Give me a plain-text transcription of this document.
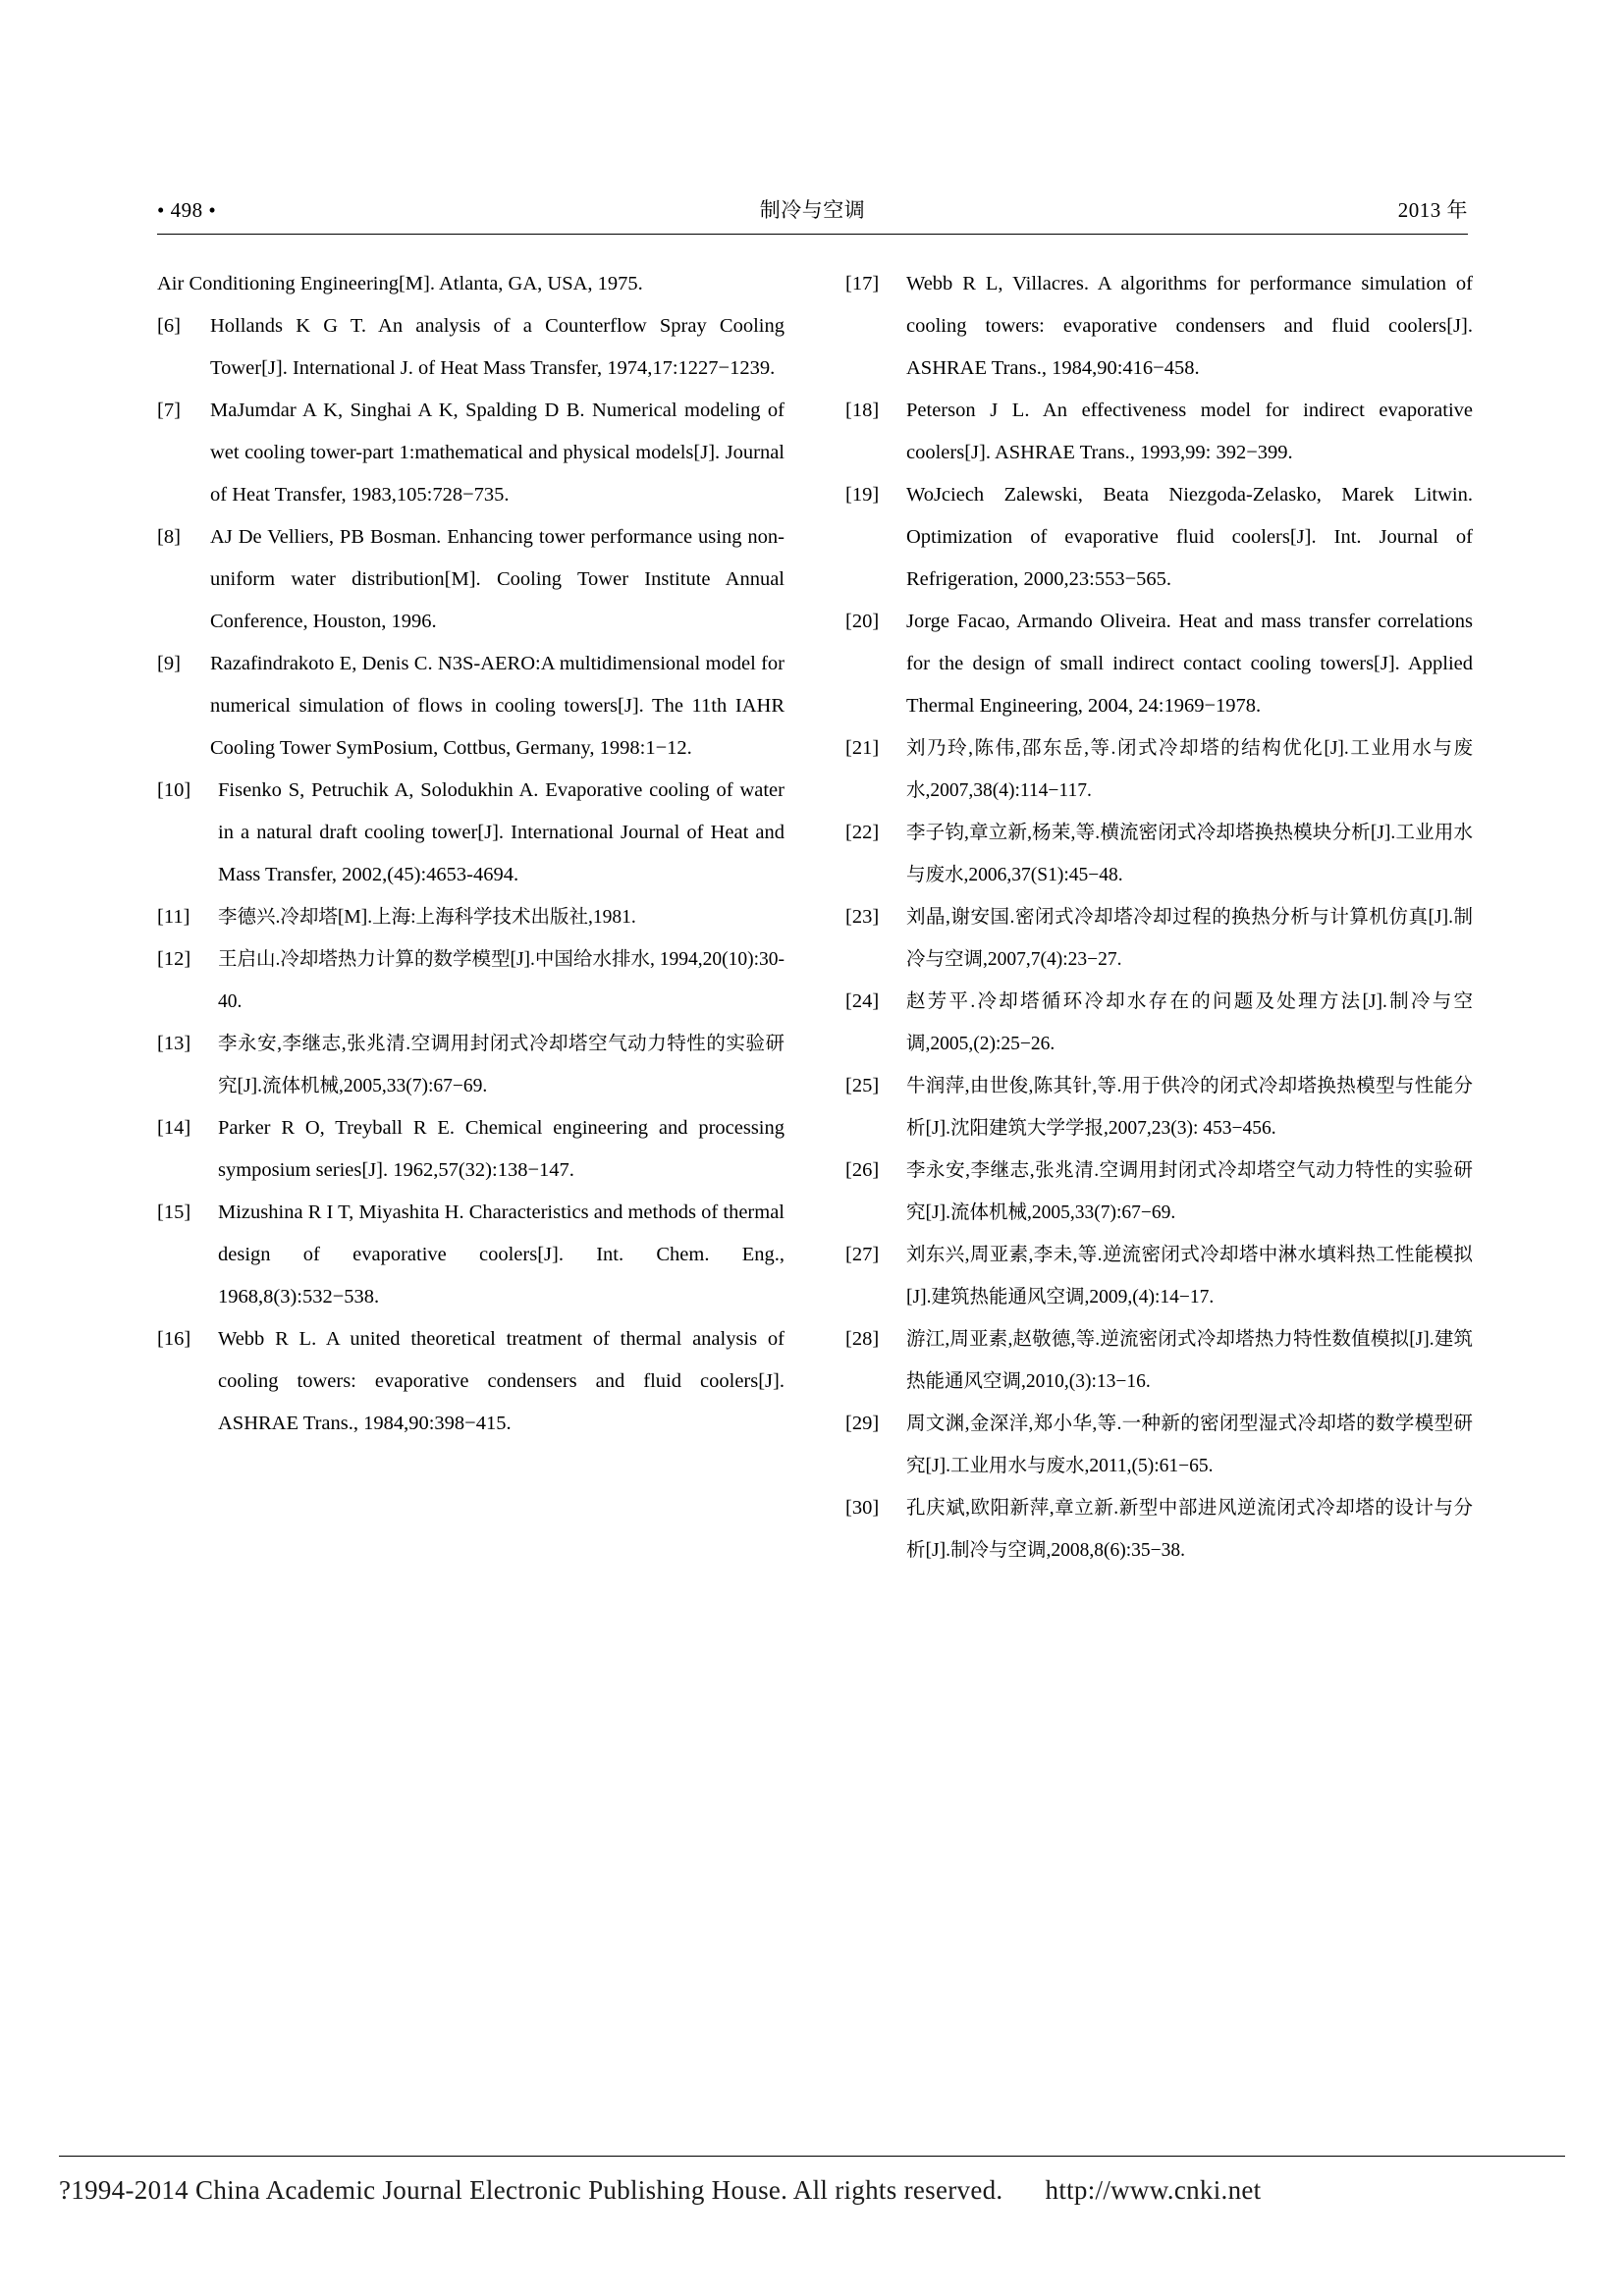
• 498 •	制冷与空调	2013 年
Air Conditioning Engineering[M]. Atlanta, GA, USA, 1975.
[6]	Hollands K G T. An analysis of a Counterflow Spray Cooling Tower[J]. International J. of Heat Mass Transfer, 1974,17:1227−1239.
[7]	MaJumdar A K, Singhai A K, Spalding D B. Numerical modeling of wet cooling tower-part 1:mathematical and physical models[J]. Journal of Heat Transfer, 1983,105:728−735.
[8]	AJ De Velliers, PB Bosman. Enhancing tower performance using non-uniform water distribution[M]. Cooling Tower Institute Annual Conference, Houston, 1996.
[9]	Razafindrakoto E, Denis C. N3S-AERO:A multidimensional model for numerical simulation of flows in cooling towers[J]. The 11th IAHR Cooling Tower SymPosium, Cottbus, Germany, 1998:1−12.
[10]	Fisenko S, Petruchik A, Solodukhin A. Evaporative cooling of water in a natural draft cooling tower[J]. International Journal of Heat and Mass Transfer, 2002,(45):4653-4694.
[11]	李德兴.冷却塔[M].上海:上海科学技术出版社,1981.
[12]	王启山.冷却塔热力计算的数学模型[J].中国给水排水, 1994,20(10):30-40.
[13]	李永安,李继志,张兆清.空调用封闭式冷却塔空气动力特性的实验研究[J].流体机械,2005,33(7):67−69.
[14]	Parker R O, Treyball R E. Chemical engineering and processing symposium series[J]. 1962,57(32):138−147.
[15]	Mizushina R I T, Miyashita H. Characteristics and methods of thermal design of evaporative coolers[J]. Int. Chem. Eng., 1968,8(3):532−538.
[16]	Webb R L. A united theoretical treatment of thermal analysis of cooling towers: evaporative condensers and fluid coolers[J]. ASHRAE Trans., 1984,90:398−415.
[17]	Webb R L, Villacres. A algorithms for performance simulation of cooling towers: evaporative condensers and fluid coolers[J]. ASHRAE Trans., 1984,90:416−458.
[18]	Peterson J L. An effectiveness model for indirect evaporative coolers[J]. ASHRAE Trans., 1993,99: 392−399.
[19]	WoJciech Zalewski, Beata Niezgoda-Zelasko, Marek Litwin. Optimization of evaporative fluid coolers[J]. Int. Journal of Refrigeration, 2000,23:553−565.
[20]	Jorge Facao, Armando Oliveira. Heat and mass transfer correlations for the design of small indirect contact cooling towers[J]. Applied Thermal Engineering, 2004, 24:1969−1978.
[21]	刘乃玲,陈伟,邵东岳,等.闭式冷却塔的结构优化[J].工业用水与废水,2007,38(4):114−117.
[22]	李子钧,章立新,杨茉,等.横流密闭式冷却塔换热模块分析[J].工业用水与废水,2006,37(S1):45−48.
[23]	刘晶,谢安国.密闭式冷却塔冷却过程的换热分析与计算机仿真[J].制冷与空调,2007,7(4):23−27.
[24]	赵芳平.冷却塔循环冷却水存在的问题及处理方法[J].制冷与空调,2005,(2):25−26.
[25]	牛润萍,由世俊,陈其针,等.用于供冷的闭式冷却塔换热模型与性能分析[J].沈阳建筑大学学报,2007,23(3): 453−456.
[26]	李永安,李继志,张兆清.空调用封闭式冷却塔空气动力特性的实验研究[J].流体机械,2005,33(7):67−69.
[27]	刘东兴,周亚素,李未,等.逆流密闭式冷却塔中淋水填料热工性能模拟[J].建筑热能通风空调,2009,(4):14−17.
[28]	游江,周亚素,赵敬德,等.逆流密闭式冷却塔热力特性数值模拟[J].建筑热能通风空调,2010,(3):13−16.
[29]	周文渊,金深洋,郑小华,等.一种新的密闭型湿式冷却塔的数学模型研究[J].工业用水与废水,2011,(5):61−65.
[30]	孔庆斌,欧阳新萍,章立新.新型中部进风逆流闭式冷却塔的设计与分析[J].制冷与空调,2008,8(6):35−38.
?1994-2014 China Academic Journal Electronic Publishing House. All rights reserved. http://www.cnki.net
